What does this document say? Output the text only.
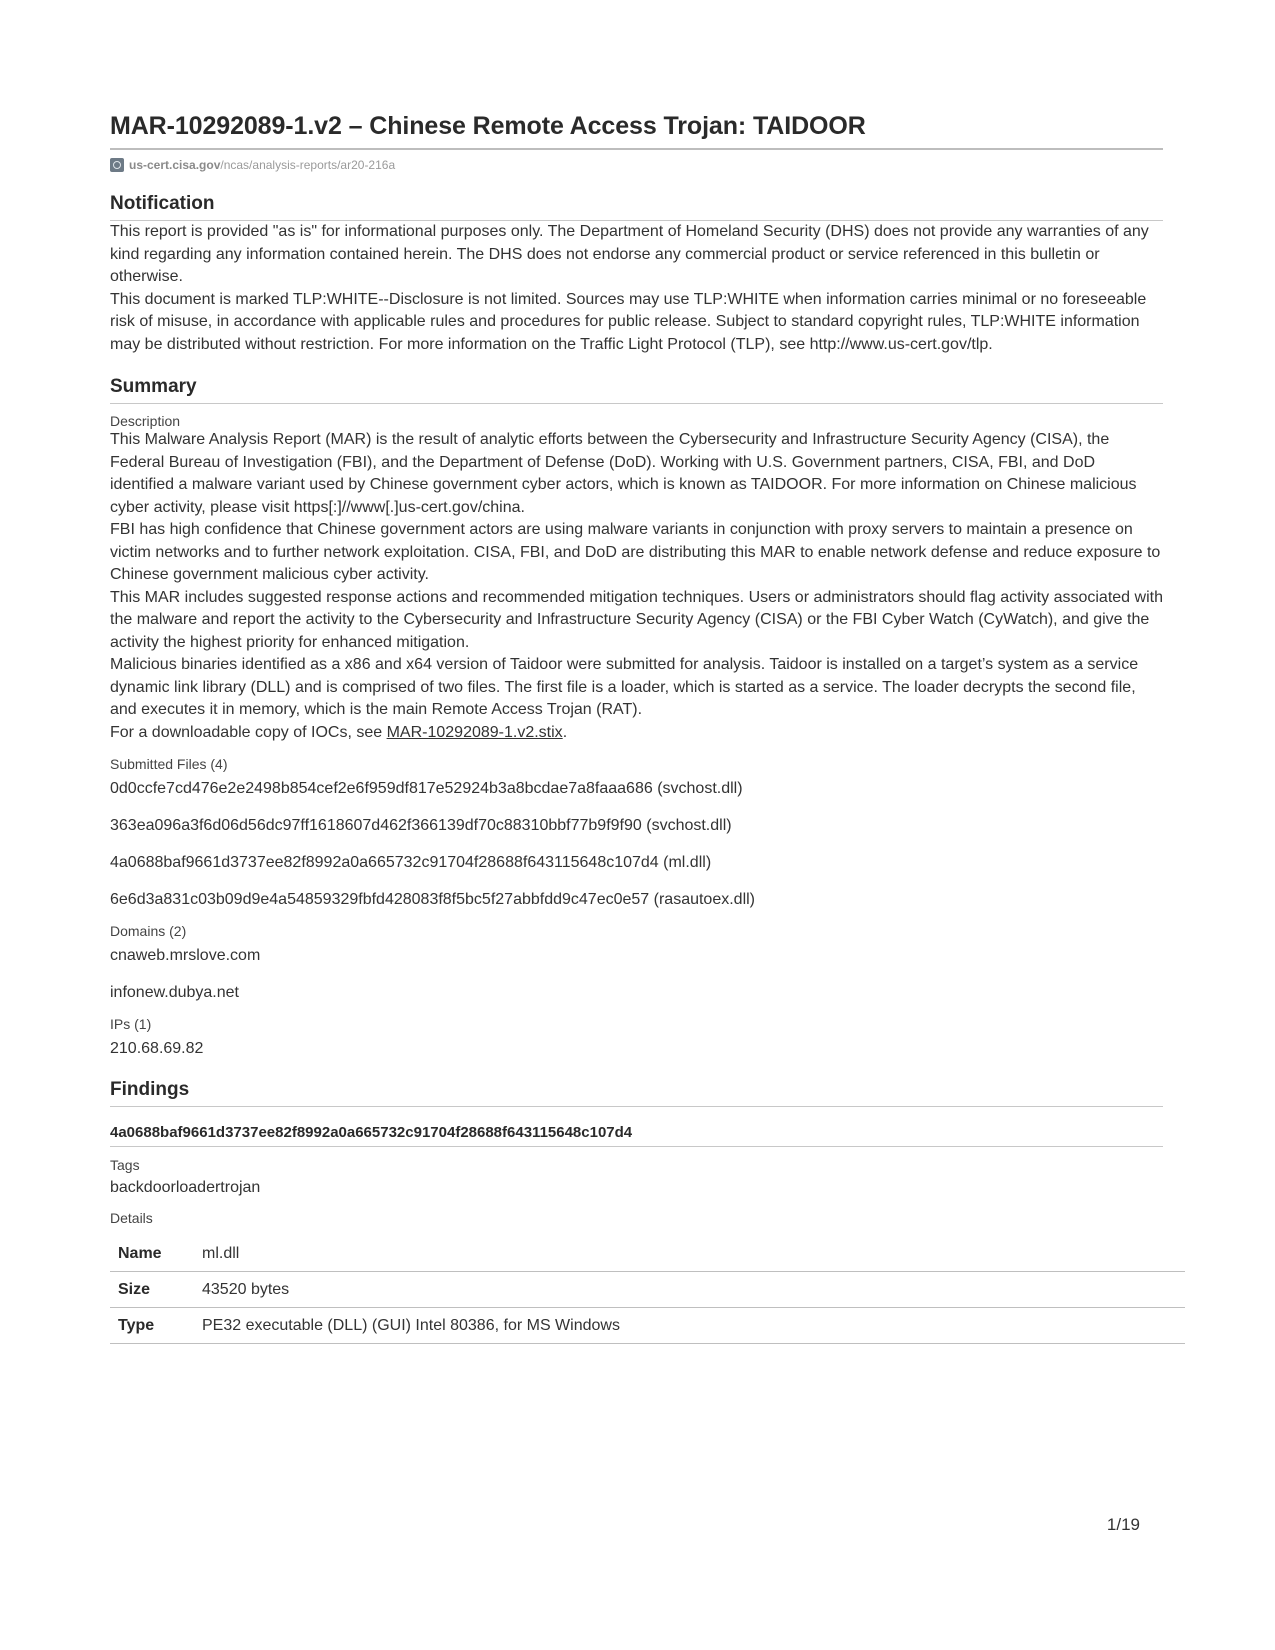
MAR-10292089-1.v2 – Chinese Remote Access Trojan: TAIDOOR
us-cert.cisa.gov/ncas/analysis-reports/ar20-216a
Notification

This report is provided "as is" for informational purposes only. The Department of Homeland Security (DHS) does not provide any warranties of any kind regarding any information contained herein. The DHS does not endorse any commercial product or service referenced in this bulletin or otherwise.

This document is marked TLP:WHITE--Disclosure is not limited. Sources may use TLP:WHITE when information carries minimal or no foreseeable risk of misuse, in accordance with applicable rules and procedures for public release. Subject to standard copyright rules, TLP:WHITE information may be distributed without restriction. For more information on the Traffic Light Protocol (TLP), see http://www.us-cert.gov/tlp.

Summary
Description

This Malware Analysis Report (MAR) is the result of analytic efforts between the Cybersecurity and Infrastructure Security Agency (CISA), the Federal Bureau of Investigation (FBI), and the Department of Defense (DoD). Working with U.S. Government partners, CISA, FBI, and DoD identified a malware variant used by Chinese government cyber actors, which is known as TAIDOOR. For more information on Chinese malicious cyber activity, please visit https[:]//www[.]us-cert.gov/china.

FBI has high confidence that Chinese government actors are using malware variants in conjunction with proxy servers to maintain a presence on victim networks and to further network exploitation. CISA, FBI, and DoD are distributing this MAR to enable network defense and reduce exposure to Chinese government malicious cyber activity.

This MAR includes suggested response actions and recommended mitigation techniques. Users or administrators should flag activity associated with the malware and report the activity to the Cybersecurity and Infrastructure Security Agency (CISA) or the FBI Cyber Watch (CyWatch), and give the activity the highest priority for enhanced mitigation.

Malicious binaries identified as a x86 and x64 version of Taidoor were submitted for analysis. Taidoor is installed on a target’s system as a service dynamic link library (DLL) and is comprised of two files. The first file is a loader, which is started as a service. The loader decrypts the second file, and executes it in memory, which is the main Remote Access Trojan (RAT).

For a downloadable copy of IOCs, see MAR-10292089-1.v2.stix.

Submitted Files (4)
0d0ccfe7cd476e2e2498b854cef2e6f959df817e52924b3a8bcdae7a8faaa686 (svchost.dll)
363ea096a3f6d06d56dc97ff1618607d462f366139df70c88310bbf77b9f9f90 (svchost.dll)
4a0688baf9661d3737ee82f8992a0a665732c91704f28688f643115648c107d4 (ml.dll)
6e6d3a831c03b09d9e4a54859329fbfd428083f8f5bc5f27abbfdd9c47ec0e57 (rasautoex.dll)
Domains (2)
cnaweb.mrslove.com
infonew.dubya.net
IPs (1)
210.68.69.82
Findings
4a0688baf9661d3737ee82f8992a0a665732c91704f28688f643115648c107d4
Tags
backdoorloadertrojan
Details
Name	ml.dll
Size	43520 bytes
Type	PE32 executable (DLL) (GUI) Intel 80386, for MS Windows
1/19
